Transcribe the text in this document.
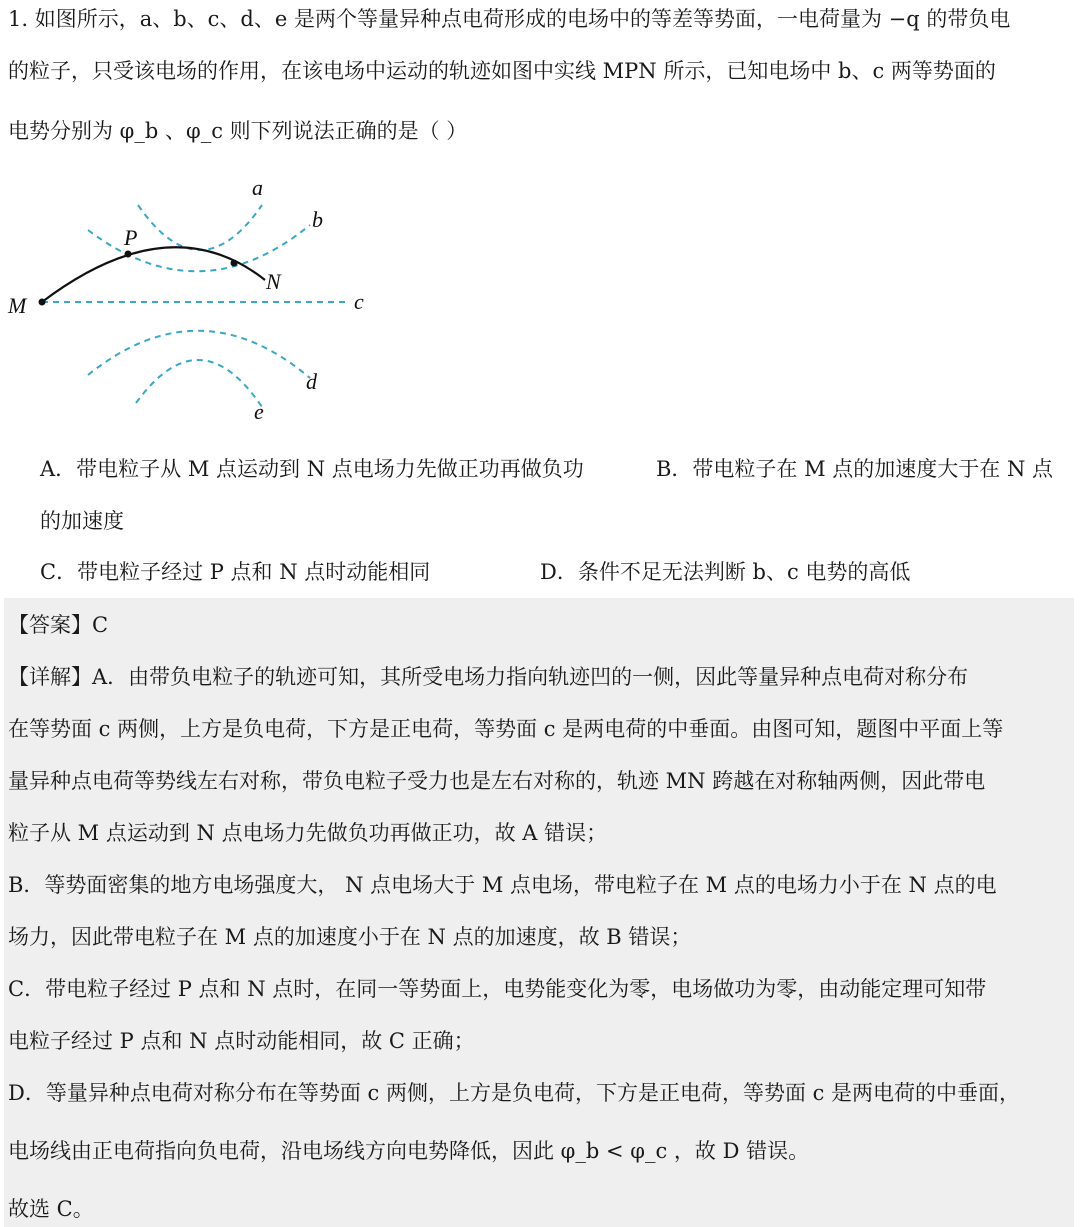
1. 如图所示，a、b、c、d、e 是两个等量异种点电荷形成的电场中的等差等势面，一电荷量为 −q 的带负电
的粒子，只受该电场的作用，在该电场中运动的轨迹如图中实线 MPN 所示，已知电场中 b、c 两等势面的
电势分别为 φ_b 、φ_c 则下列说法正确的是（ ）
a
b
P
N
M	c
d
e
A．带电粒子从 M 点运动到 N 点电场力先做正功再做负功	B．带电粒子在 M 点的加速度大于在 N 点
的加速度
C．带电粒子经过 P 点和 N 点时动能相同	D．条件不足无法判断 b、c 电势的高低
【答案】C
【详解】A．由带负电粒子的轨迹可知，其所受电场力指向轨迹凹的一侧，因此等量异种点电荷对称分布
在等势面 c 两侧，上方是负电荷，下方是正电荷，等势面 c 是两电荷的中垂面。由图可知，题图中平面上等
量异种点电荷等势线左右对称，带负电粒子受力也是左右对称的，轨迹 MN 跨越在对称轴两侧，因此带电
粒子从 M 点运动到 N 点电场力先做负功再做正功，故 A 错误；
B．等势面密集的地方电场强度大， N 点电场大于 M 点电场，带电粒子在 M 点的电场力小于在 N 点的电
场力，因此带电粒子在 M 点的加速度小于在 N 点的加速度，故 B 错误；
C．带电粒子经过 P 点和 N 点时，在同一等势面上，电势能变化为零，电场做功为零，由动能定理可知带
电粒子经过 P 点和 N 点时动能相同，故 C 正确；
D．等量异种点电荷对称分布在等势面 c 两侧，上方是负电荷，下方是正电荷，等势面 c 是两电荷的中垂面，
电场线由正电荷指向负电荷，沿电场线方向电势降低，因此 φ_b < φ_c ，故 D 错误。
故选 C。
